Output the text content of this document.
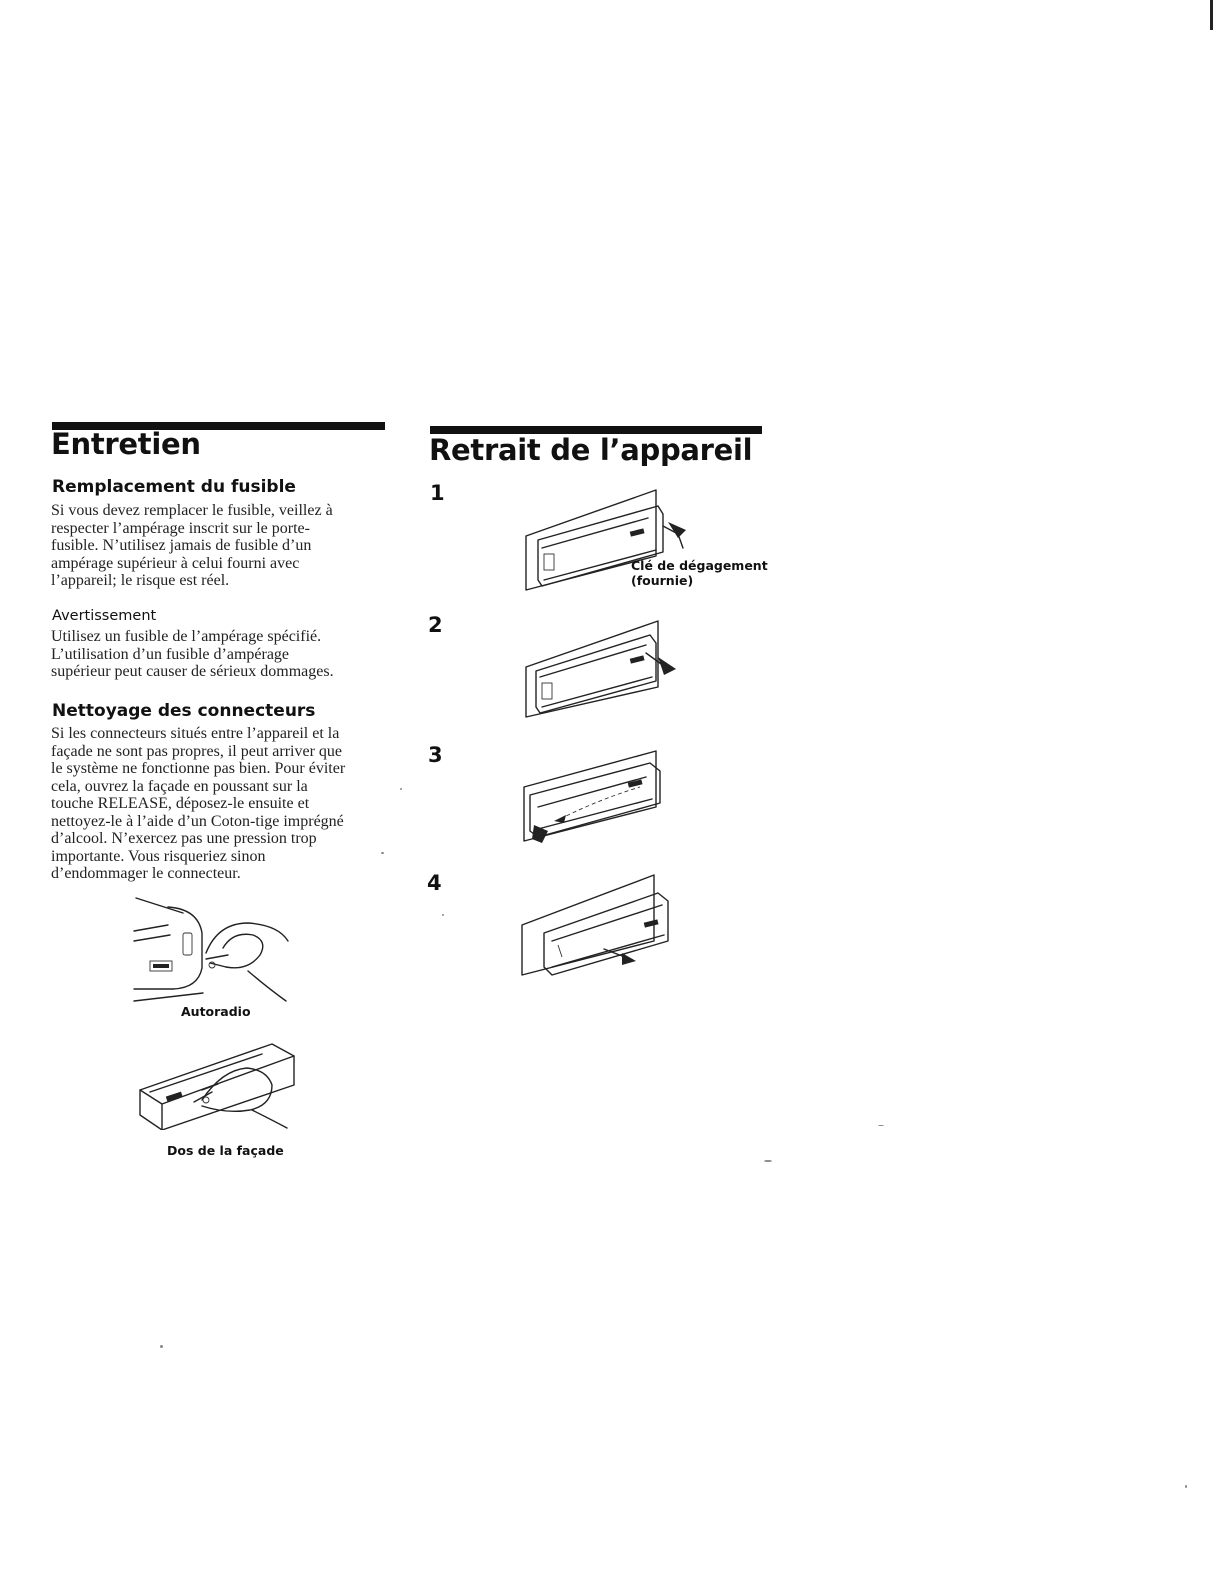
Entretien
Remplacement du fusible
Si vous devez remplacer le fusible, veillez à
respecter l’ampérage inscrit sur le porte-
fusible. N’utilisez jamais de fusible d’un
ampérage supérieur à celui fourni avec
l’appareil; le risque est réel.
Avertissement
Utilisez un fusible de l’ampérage spécifié.
L’utilisation d’un fusible d’ampérage
supérieur peut causer de sérieux dommages.
Nettoyage des connecteurs
Si les connecteurs situés entre l’appareil et la
façade ne sont pas propres, il peut arriver que
le système ne fonctionne pas bien. Pour éviter
cela, ouvrez la façade en poussant sur la
touche RELEASE, déposez-le ensuite et
nettoyez-le à l’aide d’un Coton-tige imprégné
d’alcool. N’exercez pas une pression trop
importante. Vous risqueriez sinon
d’endommager le connecteur.
Autoradio
Dos de la façade
Retrait de l’appareil
1
Clé de dégagement
(fournie)
2
3
4
